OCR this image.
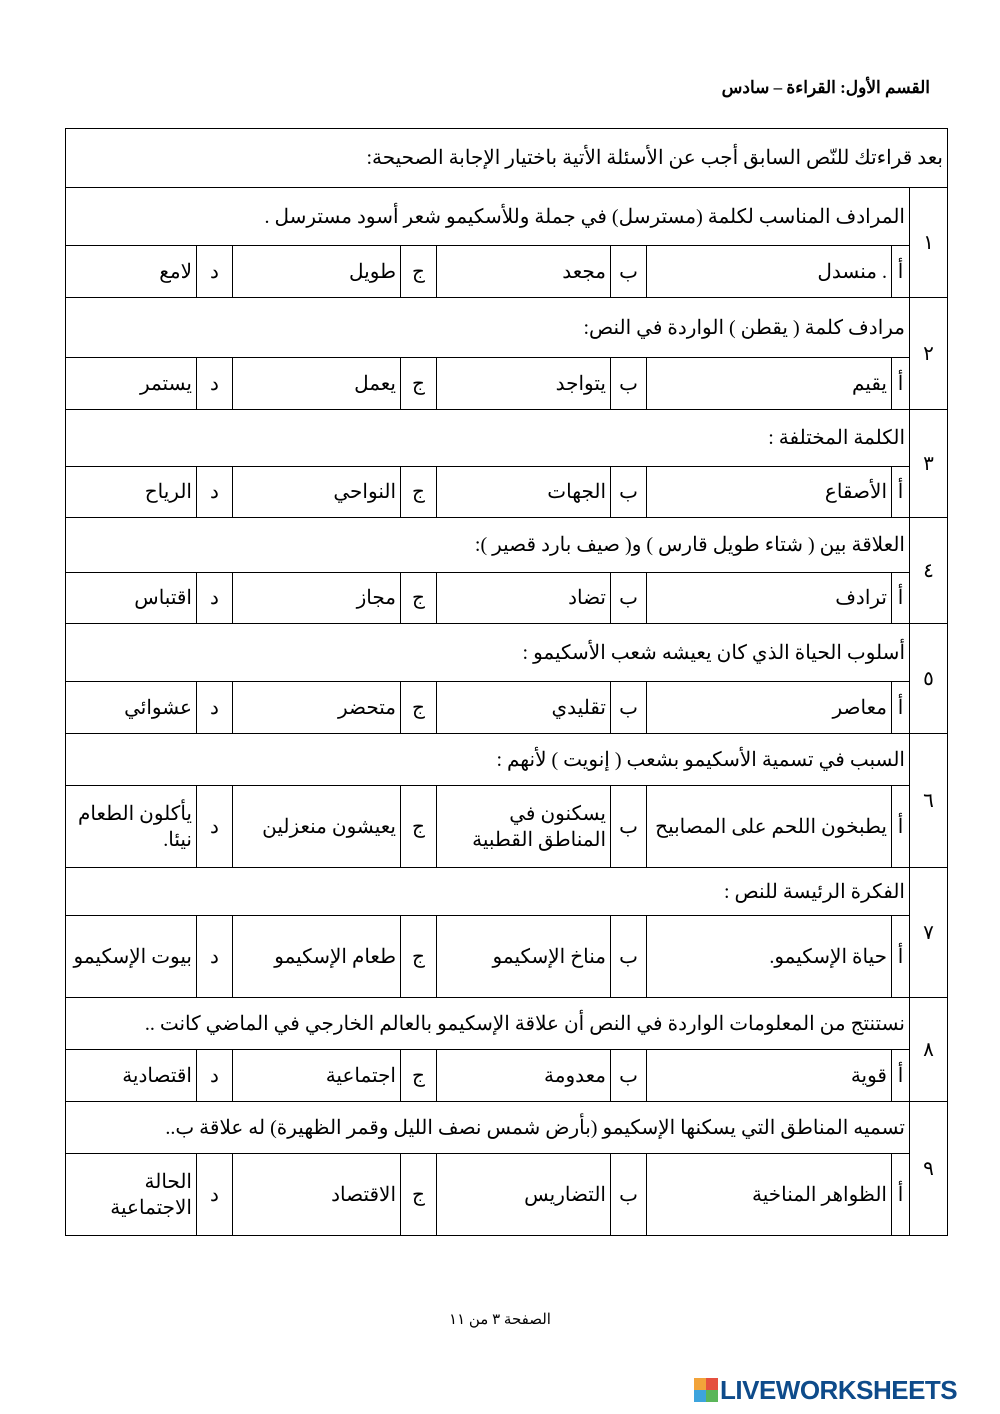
القسم الأول: القراءة – سادس
بعد قراءتك للنّص السابق أجب عن الأسئلة الأتية باختيار الإجابة الصحيحة:								
١	المرادف المناسب لكلمة (مسترسل) في جملة وللأسكيمو شعر أسود مسترسل .							
	أ	. منسدل	ب	مجعد	ج	طويل	د	لامع
٢	مرادف كلمة ( يقطن ) الواردة في النص:							
	أ	يقيم	ب	يتواجد	ج	يعمل	د	يستمر
٣	الكلمة المختلفة :							
	أ	الأصقاع	ب	الجهات	ج	النواحي	د	الرياح
٤	العلاقة بين ( شتاء طويل قارس ) و( صيف بارد قصير ):							
	أ	ترادف	ب	تضاد	ج	مجاز	د	اقتباس
٥	أسلوب الحياة الذي كان يعيشه شعب الأسكيمو :							
	أ	معاصر	ب	تقليدي	ج	متحضر	د	عشوائي
٦	السبب في تسمية الأسكيمو بشعب ( إنويت ) لأنهم :							
	أ	يطبخون اللحم على المصابيح	ب	يسكنون في المناطق القطبية	ج	يعيشون منعزلين	د	يأكلون الطعام نيئا.
٧	الفكرة الرئيسة للنص :							
	أ	حياة الإسكيمو.	ب	مناخ الإسكيمو	ج	طعام الإسكيمو	د	بيوت الإسكيمو
٨	نستنتج من المعلومات الواردة في النص أن علاقة الإسكيمو بالعالم الخارجي في الماضي كانت ..							
	أ	قوية	ب	معدومة	ج	اجتماعية	د	اقتصادية
٩	تسميه المناطق التي يسكنها الإسكيمو (بأرض شمس نصف الليل وقمر الظهيرة) له علاقة ب..							
	أ	الظواهر المناخية	ب	التضاريس	ج	الاقتصاد	د	الحالة الاجتماعية
الصفحة ٣ من ١١
LIVEWORKSHEETS
